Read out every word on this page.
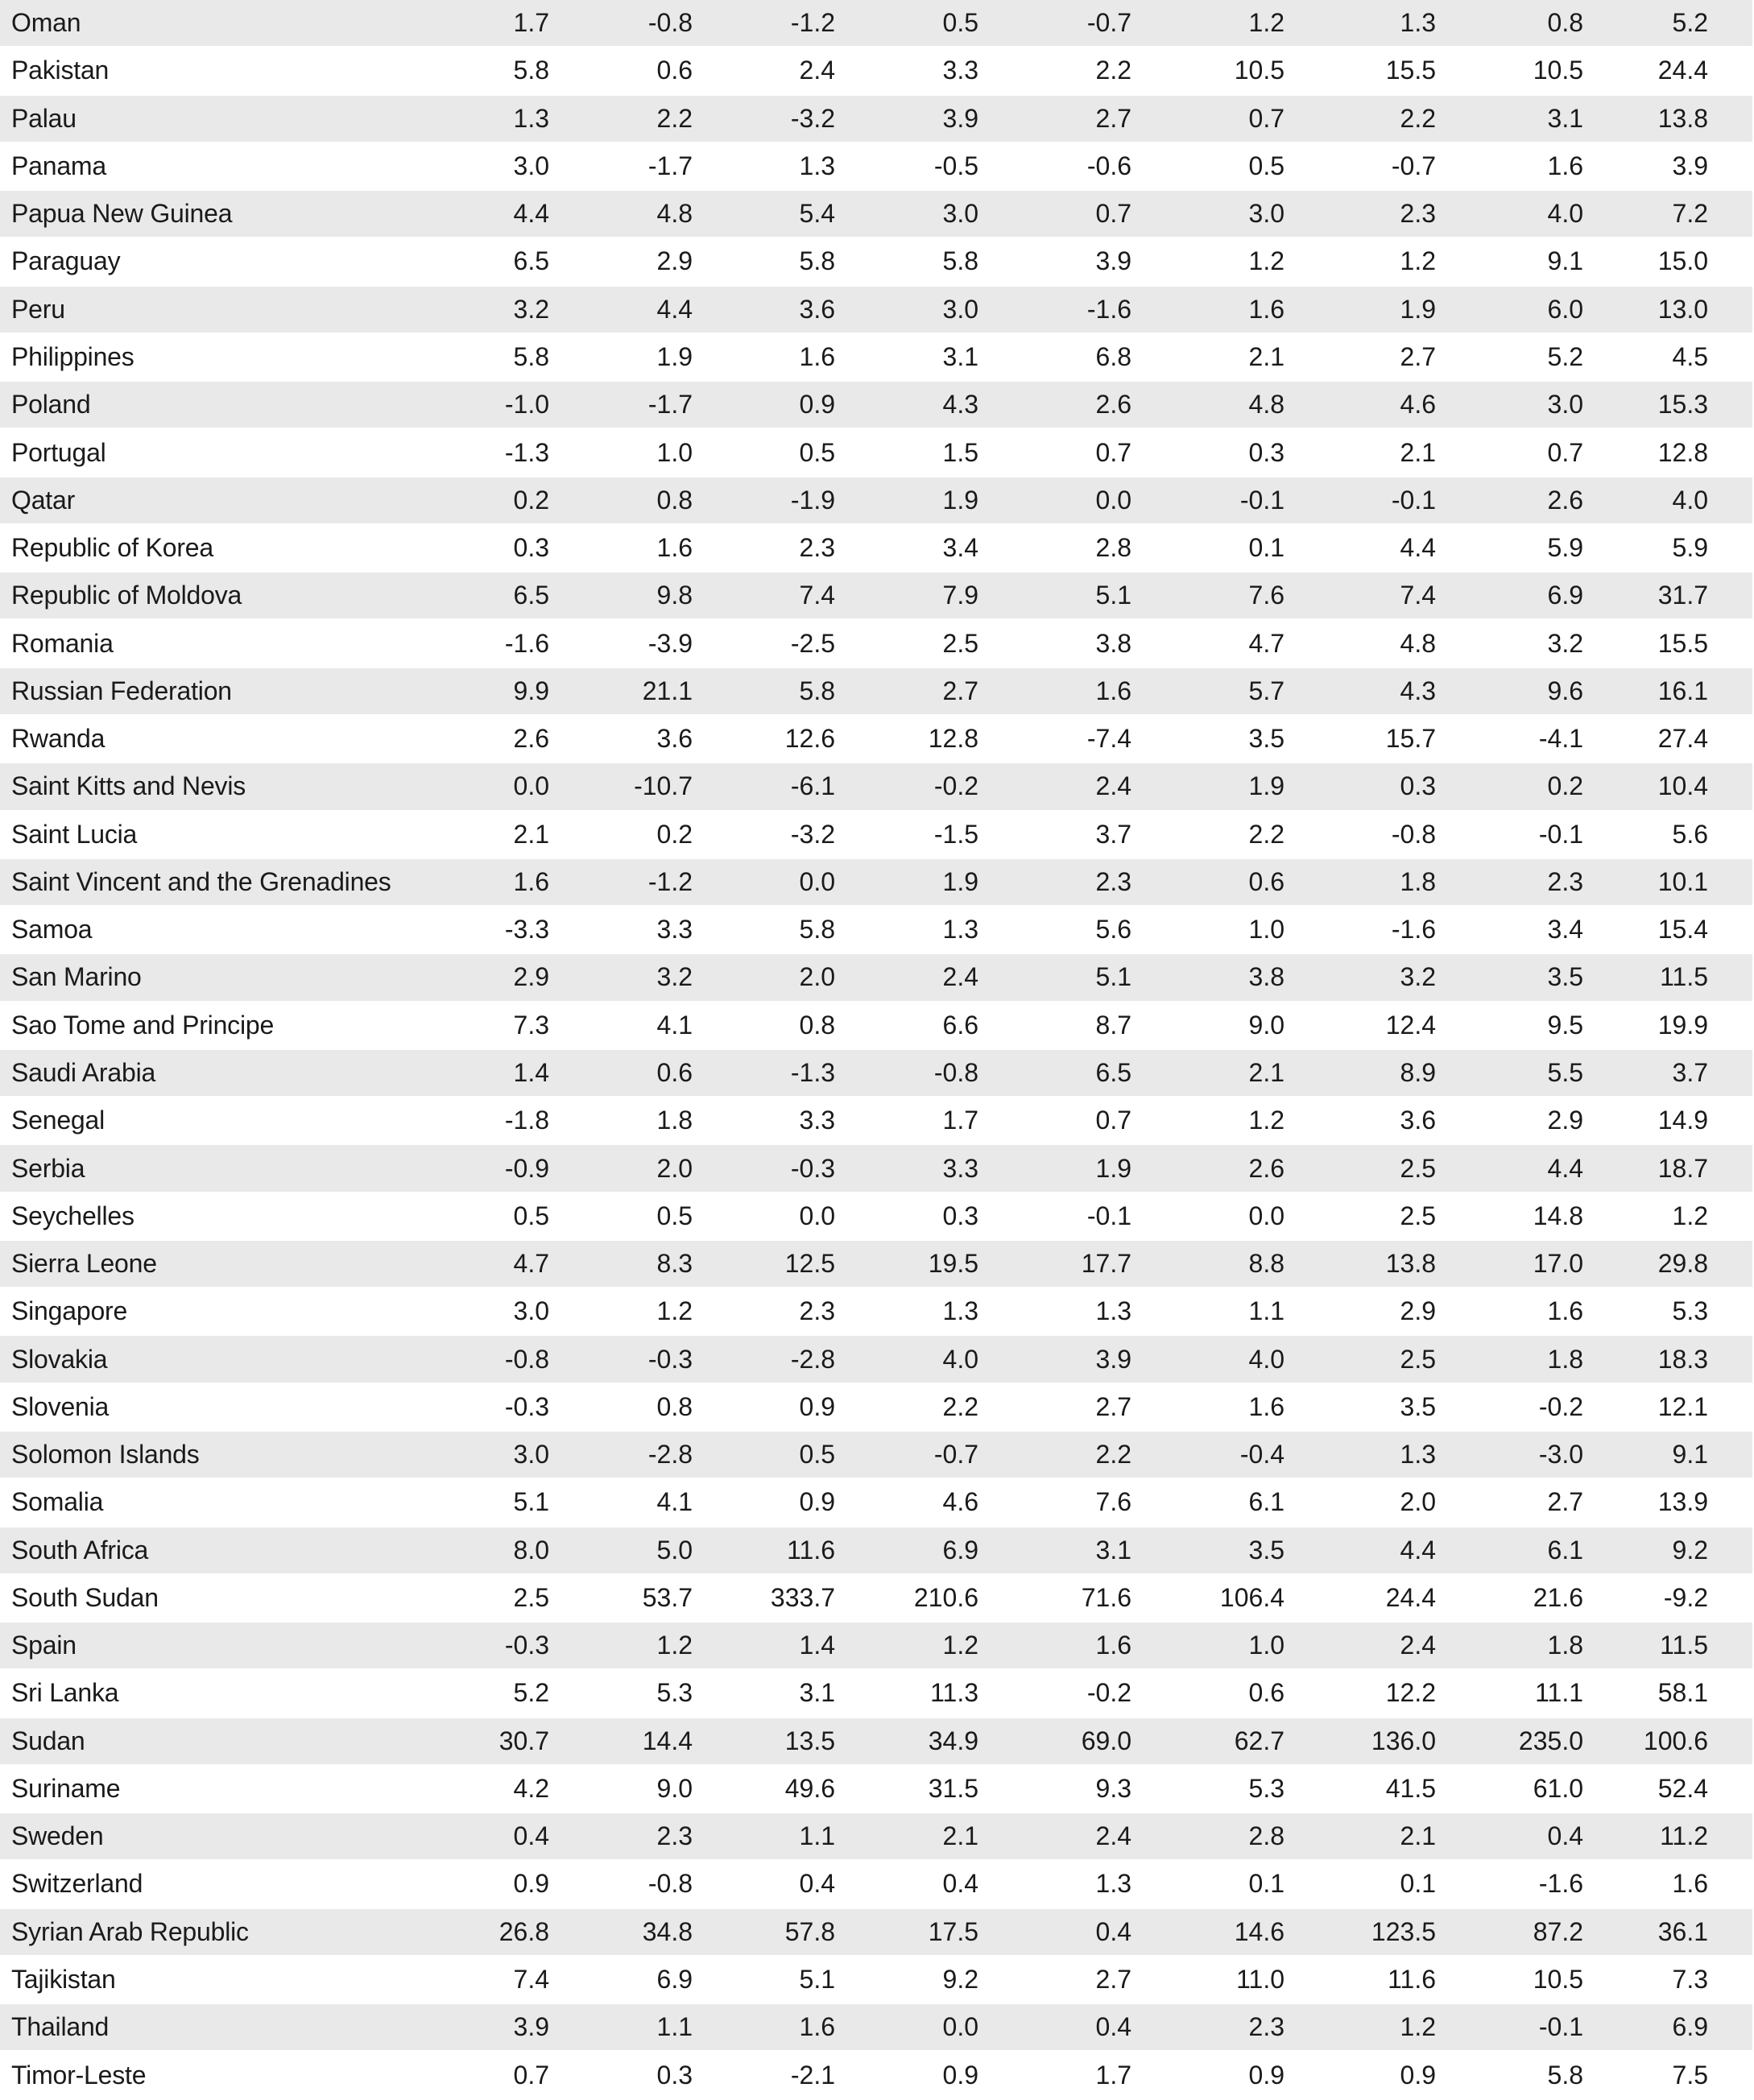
Oman	1.7	-0.8	-1.2	0.5	-0.7	1.2	1.3	0.8	5.2
Pakistan	5.8	0.6	2.4	3.3	2.2	10.5	15.5	10.5	24.4
Palau	1.3	2.2	-3.2	3.9	2.7	0.7	2.2	3.1	13.8
Panama	3.0	-1.7	1.3	-0.5	-0.6	0.5	-0.7	1.6	3.9
Papua New Guinea	4.4	4.8	5.4	3.0	0.7	3.0	2.3	4.0	7.2
Paraguay	6.5	2.9	5.8	5.8	3.9	1.2	1.2	9.1	15.0
Peru	3.2	4.4	3.6	3.0	-1.6	1.6	1.9	6.0	13.0
Philippines	5.8	1.9	1.6	3.1	6.8	2.1	2.7	5.2	4.5
Poland	-1.0	-1.7	0.9	4.3	2.6	4.8	4.6	3.0	15.3
Portugal	-1.3	1.0	0.5	1.5	0.7	0.3	2.1	0.7	12.8
Qatar	0.2	0.8	-1.9	1.9	0.0	-0.1	-0.1	2.6	4.0
Republic of Korea	0.3	1.6	2.3	3.4	2.8	0.1	4.4	5.9	5.9
Republic of Moldova	6.5	9.8	7.4	7.9	5.1	7.6	7.4	6.9	31.7
Romania	-1.6	-3.9	-2.5	2.5	3.8	4.7	4.8	3.2	15.5
Russian Federation	9.9	21.1	5.8	2.7	1.6	5.7	4.3	9.6	16.1
Rwanda	2.6	3.6	12.6	12.8	-7.4	3.5	15.7	-4.1	27.4
Saint Kitts and Nevis	0.0	-10.7	-6.1	-0.2	2.4	1.9	0.3	0.2	10.4
Saint Lucia	2.1	0.2	-3.2	-1.5	3.7	2.2	-0.8	-0.1	5.6
Saint Vincent and the Grenadines	1.6	-1.2	0.0	1.9	2.3	0.6	1.8	2.3	10.1
Samoa	-3.3	3.3	5.8	1.3	5.6	1.0	-1.6	3.4	15.4
San Marino	2.9	3.2	2.0	2.4	5.1	3.8	3.2	3.5	11.5
Sao Tome and Principe	7.3	4.1	0.8	6.6	8.7	9.0	12.4	9.5	19.9
Saudi Arabia	1.4	0.6	-1.3	-0.8	6.5	2.1	8.9	5.5	3.7
Senegal	-1.8	1.8	3.3	1.7	0.7	1.2	3.6	2.9	14.9
Serbia	-0.9	2.0	-0.3	3.3	1.9	2.6	2.5	4.4	18.7
Seychelles	0.5	0.5	0.0	0.3	-0.1	0.0	2.5	14.8	1.2
Sierra Leone	4.7	8.3	12.5	19.5	17.7	8.8	13.8	17.0	29.8
Singapore	3.0	1.2	2.3	1.3	1.3	1.1	2.9	1.6	5.3
Slovakia	-0.8	-0.3	-2.8	4.0	3.9	4.0	2.5	1.8	18.3
Slovenia	-0.3	0.8	0.9	2.2	2.7	1.6	3.5	-0.2	12.1
Solomon Islands	3.0	-2.8	0.5	-0.7	2.2	-0.4	1.3	-3.0	9.1
Somalia	5.1	4.1	0.9	4.6	7.6	6.1	2.0	2.7	13.9
South Africa	8.0	5.0	11.6	6.9	3.1	3.5	4.4	6.1	9.2
South Sudan	2.5	53.7	333.7	210.6	71.6	106.4	24.4	21.6	-9.2
Spain	-0.3	1.2	1.4	1.2	1.6	1.0	2.4	1.8	11.5
Sri Lanka	5.2	5.3	3.1	11.3	-0.2	0.6	12.2	11.1	58.1
Sudan	30.7	14.4	13.5	34.9	69.0	62.7	136.0	235.0	100.6
Suriname	4.2	9.0	49.6	31.5	9.3	5.3	41.5	61.0	52.4
Sweden	0.4	2.3	1.1	2.1	2.4	2.8	2.1	0.4	11.2
Switzerland	0.9	-0.8	0.4	0.4	1.3	0.1	0.1	-1.6	1.6
Syrian Arab Republic	26.8	34.8	57.8	17.5	0.4	14.6	123.5	87.2	36.1
Tajikistan	7.4	6.9	5.1	9.2	2.7	11.0	11.6	10.5	7.3
Thailand	3.9	1.1	1.6	0.0	0.4	2.3	1.2	-0.1	6.9
Timor-Leste	0.7	0.3	-2.1	0.9	1.7	0.9	0.9	5.8	7.5
